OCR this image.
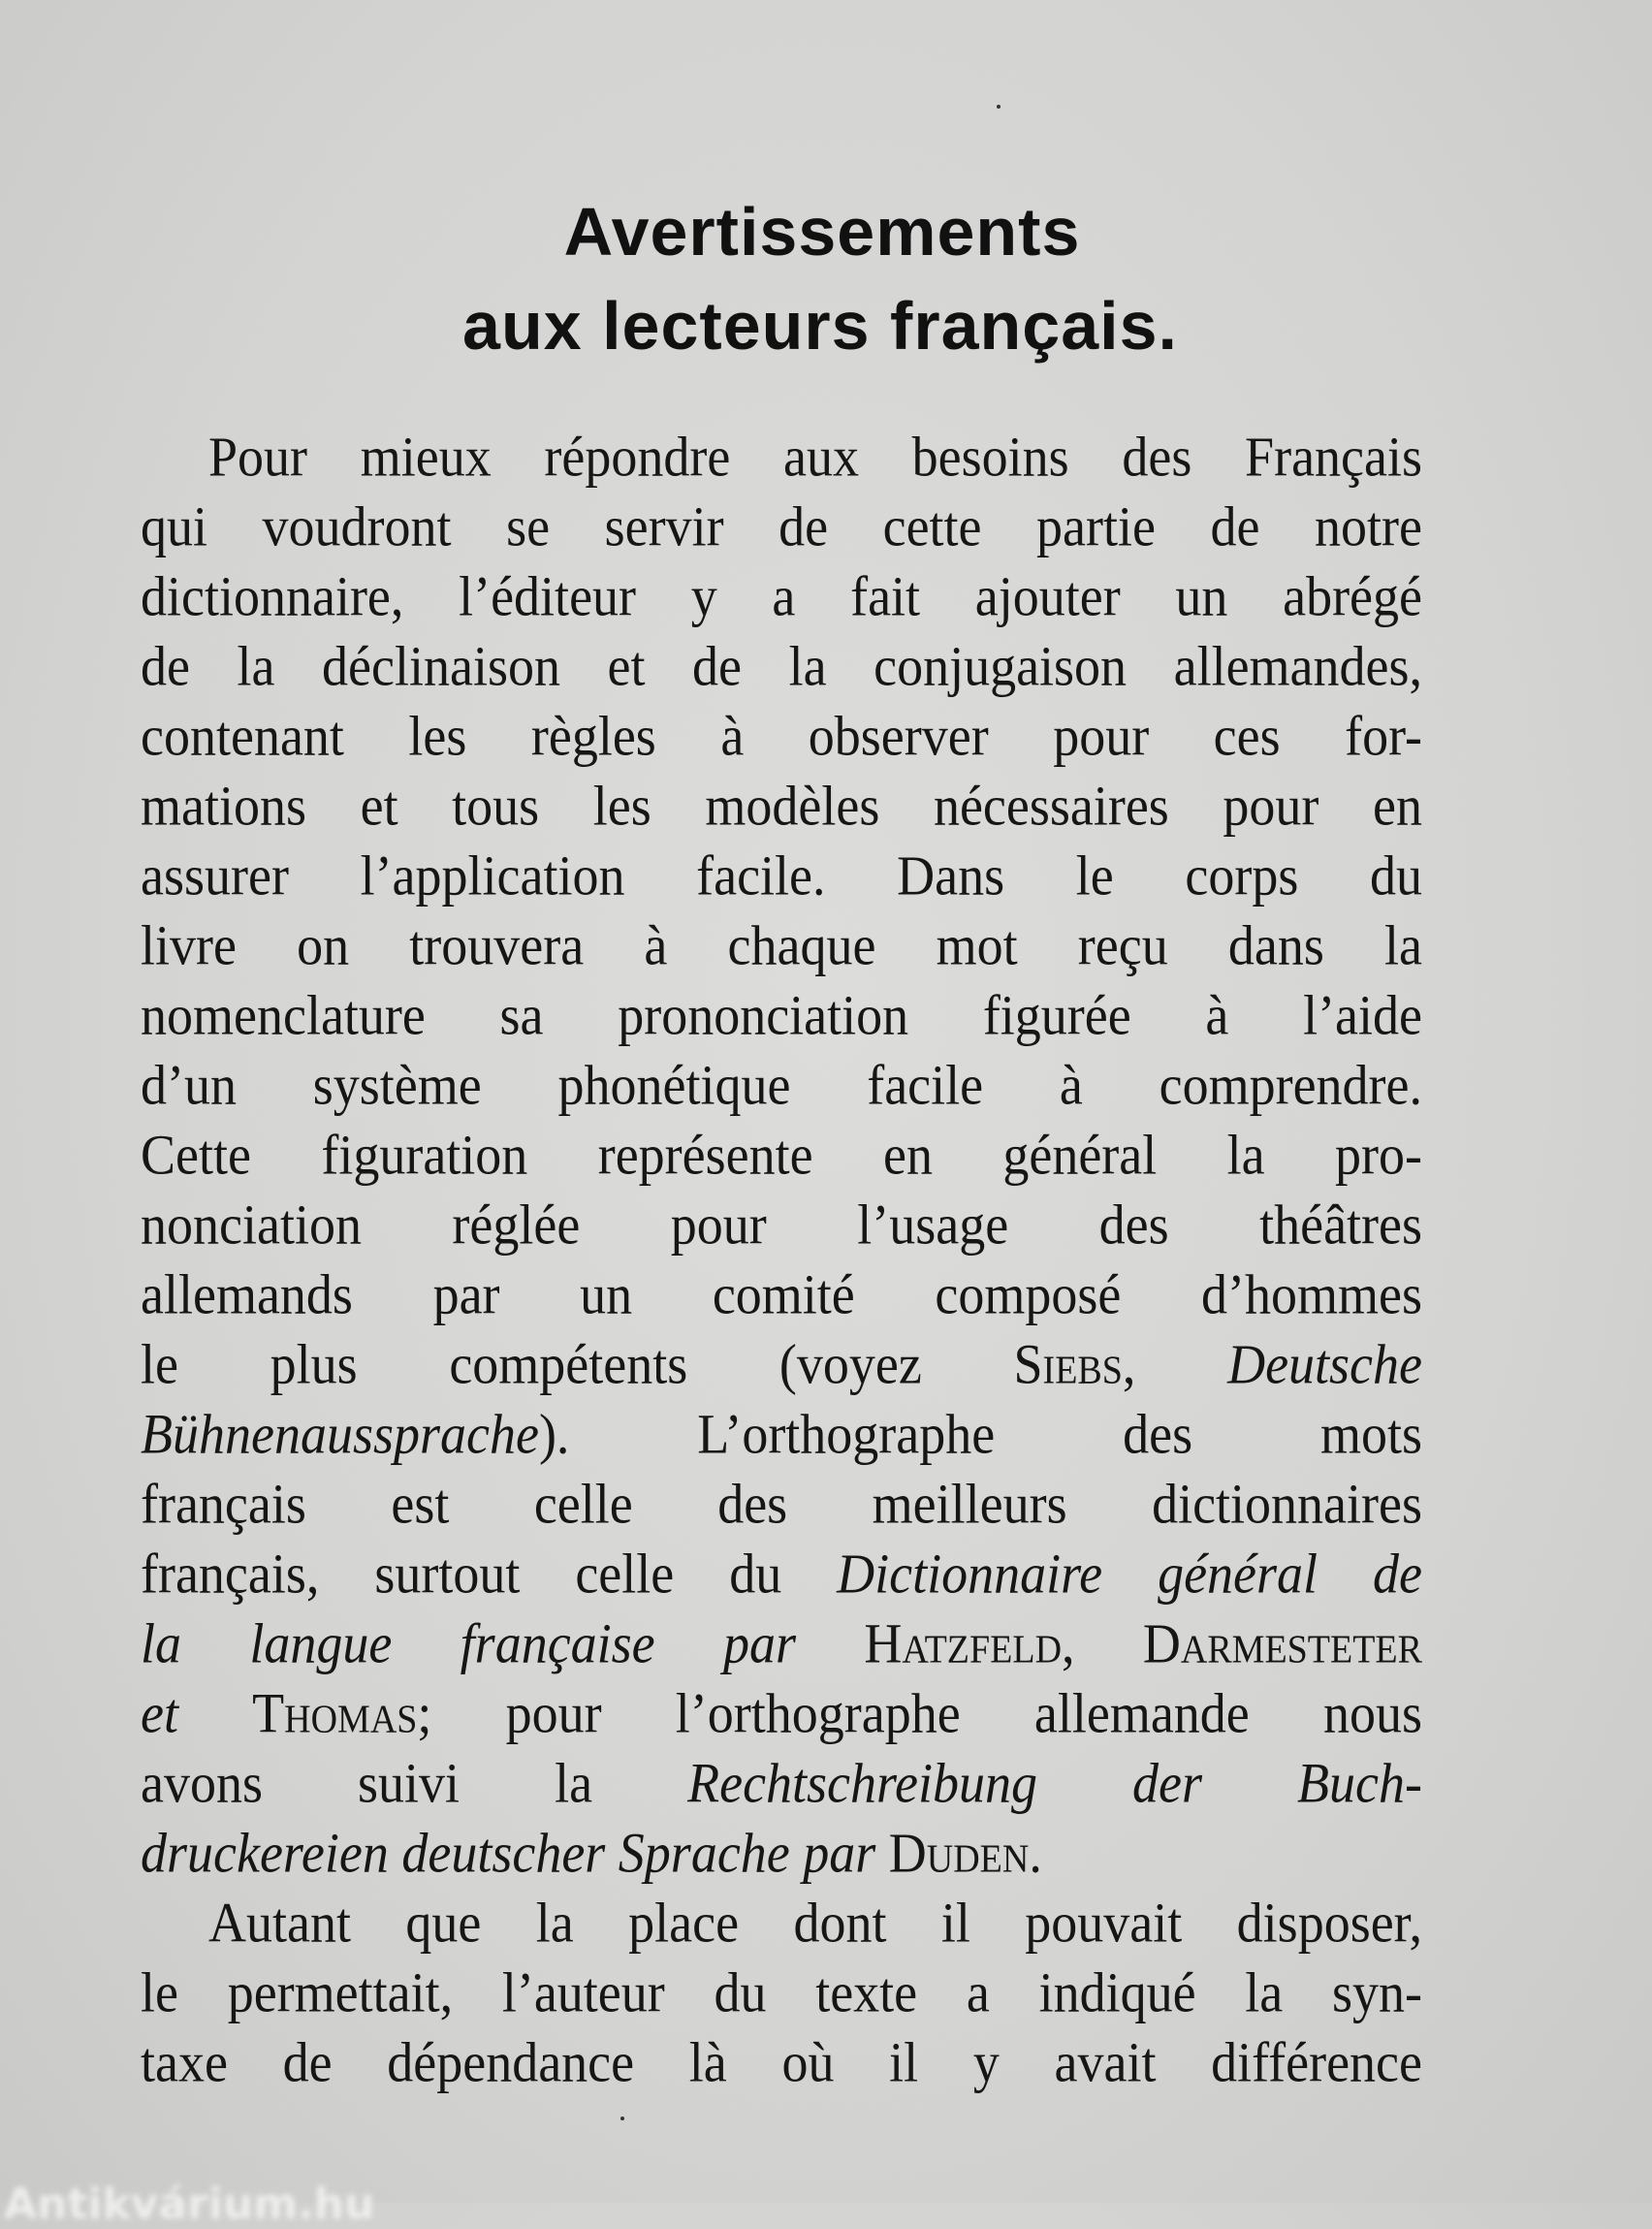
Avertissements
aux lecteurs français.
Pour mieux répondre aux besoins des Français
qui voudront se servir de cette partie de notre
dictionnaire, l’éditeur y a fait ajouter un abrégé
de la déclinaison et de la conjugaison allemandes,
contenant les règles à observer pour ces for-
mations et tous les modèles nécessaires pour en
assurer l’application facile. Dans le corps du
livre on trouvera à chaque mot reçu dans la
nomenclature sa prononciation figurée à l’aide
d’un système phonétique facile à comprendre.
Cette figuration représente en général la pro-
nonciation réglée pour l’usage des théâtres
allemands par un comité composé d’hommes
le plus compétents (voyez Siebs, Deutsche
Bühnenaussprache). L’orthographe des mots
français est celle des meilleurs dictionnaires
français, surtout celle du Dictionnaire général de
la langue française par Hatzfeld, Darmesteter
et Thomas; pour l’orthographe allemande nous
avons suivi la Rechtschreibung der Buch-
druckereien deutscher Sprache par Duden.
Autant que la place dont il pouvait disposer,
le permettait, l’auteur du texte a indiqué la syn-
taxe de dépendance là où il y avait différence
Antikvárium.hu
